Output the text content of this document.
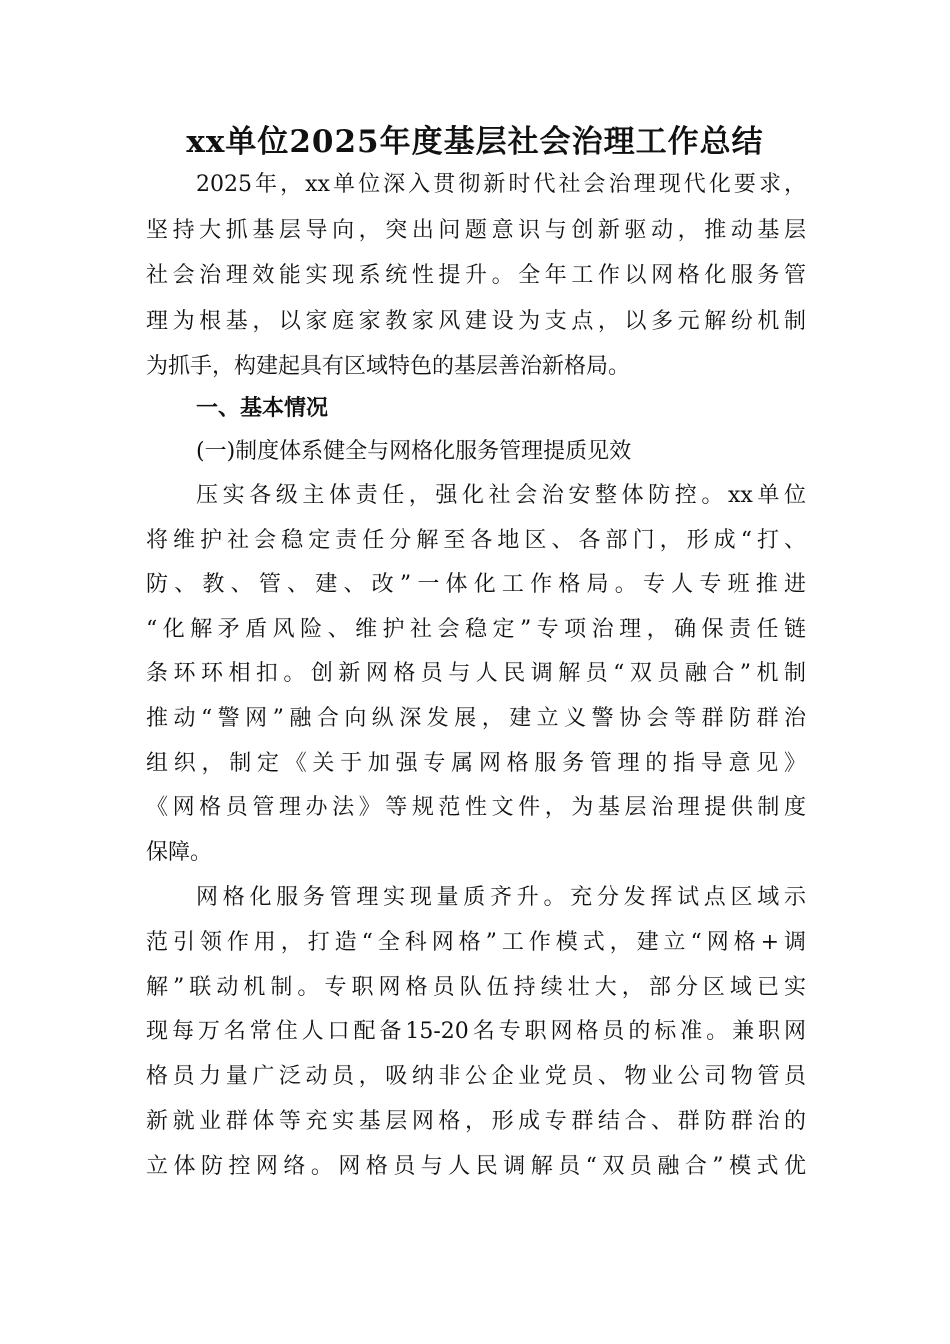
xx单位2025年度基层社会治理工作总结
2025年，xx单位深入贯彻新时代社会治理现代化要求，
坚持大抓基层导向，突出问题意识与创新驱动，推动基层
社会治理效能实现系统性提升。全年工作以网格化服务管
理为根基，以家庭家教家风建设为支点，以多元解纷机制
为抓手，构建起具有区域特色的基层善治新格局。
一、基本情况
(一)制度体系健全与网格化服务管理提质见效
压实各级主体责任，强化社会治安整体防控。xx单位
将维护社会稳定责任分解至各地区、各部门，形成“打、
防、教、管、建、改”一体化工作格局。专人专班推进
“化解矛盾风险、维护社会稳定”专项治理，确保责任链
条环环相扣。创新网格员与人民调解员“双员融合”机制
推动“警网”融合向纵深发展，建立义警协会等群防群治
组织，制定《关于加强专属网格服务管理的指导意见》
《网格员管理办法》等规范性文件，为基层治理提供制度
保障。
网格化服务管理实现量质齐升。充分发挥试点区域示
范引领作用，打造“全科网格”工作模式，建立“网格+调
解”联动机制。专职网格员队伍持续壮大，部分区域已实
现每万名常住人口配备15-20名专职网格员的标准。兼职网
格员力量广泛动员，吸纳非公企业党员、物业公司物管员
新就业群体等充实基层网格，形成专群结合、群防群治的
立体防控网络。网格员与人民调解员“双员融合”模式优
